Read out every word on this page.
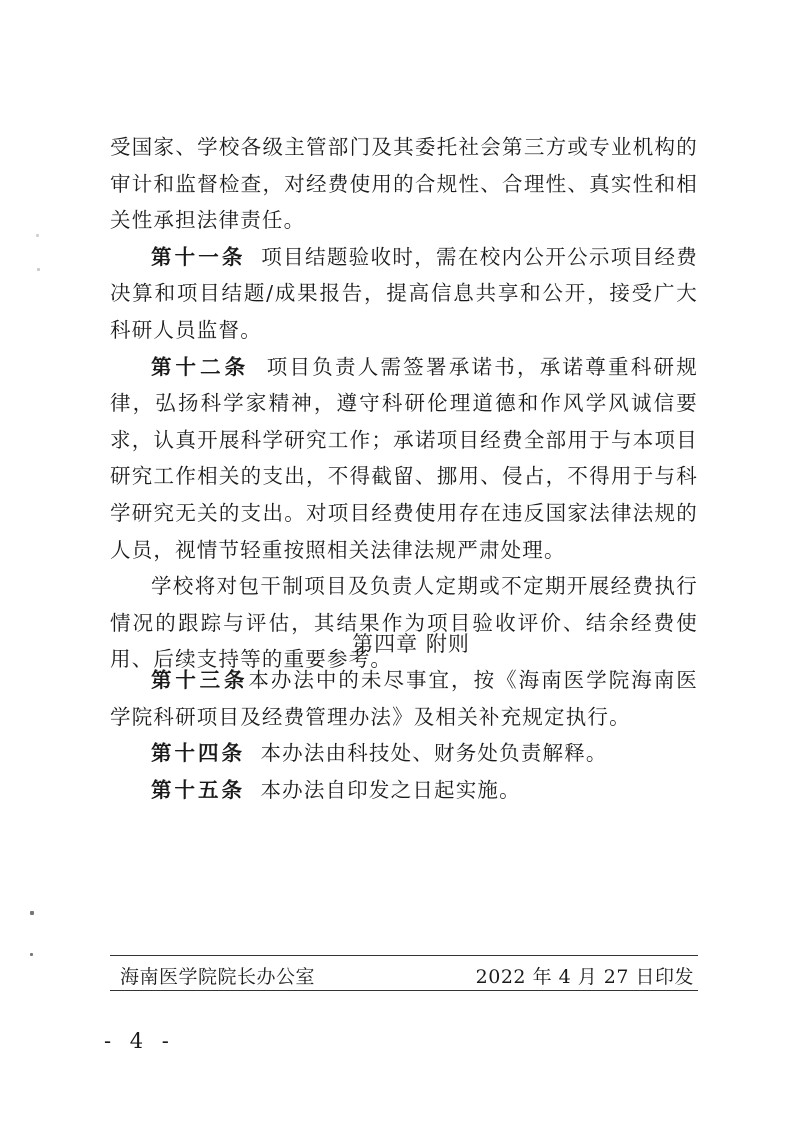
受国家、学校各级主管部门及其委托社会第三方或专业机构的审计和监督检查，对经费使用的合规性、合理性、真实性和相关性承担法律责任。

第十一条 项目结题验收时，需在校内公开公示项目经费决算和项目结题/成果报告，提高信息共享和公开，接受广大科研人员监督。

第十二条 项目负责人需签署承诺书，承诺尊重科研规律，弘扬科学家精神，遵守科研伦理道德和作风学风诚信要求，认真开展科学研究工作；承诺项目经费全部用于与本项目研究工作相关的支出，不得截留、挪用、侵占，不得用于与科学研究无关的支出。对项目经费使用存在违反国家法律法规的人员，视情节轻重按照相关法律法规严肃处理。

学校将对包干制项目及负责人定期或不定期开展经费执行情况的跟踪与评估，其结果作为项目验收评价、结余经费使用、后续支持等的重要参考。

第四章 附则

第十三条本办法中的未尽事宜，按《海南医学院海南医学院科研项目及经费管理办法》及相关补充规定执行。

第十四条 本办法由科技处、财务处负责解释。

第十五条 本办法自印发之日起实施。

海南医学院院长办公室	2022 年 4 月 27 日印发
- 4 -
